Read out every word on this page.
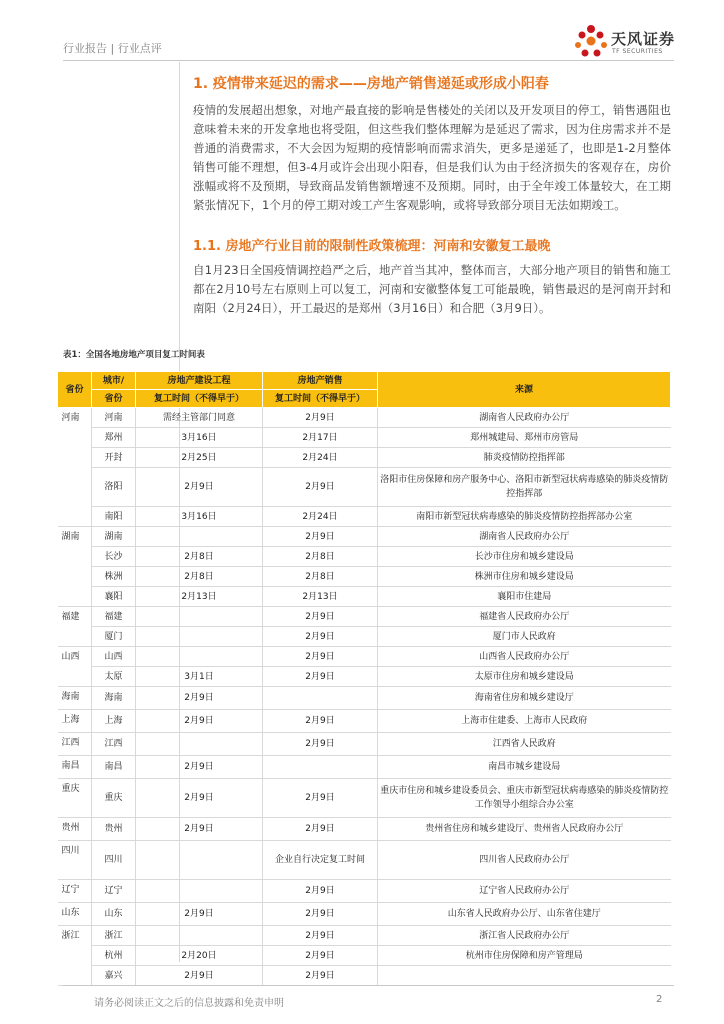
行业报告 | 行业点评
天风证券
TF SECURITIES
1. 疫情带来延迟的需求——房地产销售递延或形成小阳春
疫情的发展超出想象，对地产最直接的影响是售楼处的关闭以及开发项目的停工，销售遇阻也意味着未来的开发拿地也将受阻，但这些我们整体理解为是延迟了需求，因为住房需求并不是普通的消费需求，不大会因为短期的疫情影响而需求消失，更多是递延了，也即是1-2月整体销售可能不理想，但3-4月或许会出现小阳春，但是我们认为由于经济损失的客观存在，房价涨幅或将不及预期，导致商品发销售额增速不及预期。同时，由于全年竣工体量较大，在工期紧张情况下，1个月的停工期对竣工产生客观影响，或将导致部分项目无法如期竣工。
1.1. 房地产行业目前的限制性政策梳理：河南和安徽复工最晚
自1月23日全国疫情调控趋严之后，地产首当其冲，整体而言，大部分地产项目的销售和施工都在2月10号左右原则上可以复工，河南和安徽整体复工可能最晚，销售最迟的是河南开封和南阳（2月24日），开工最迟的是郑州（3月16日）和合肥（3月9日）。
表1：全国各地房地产项目复工时间表
省份	城市/	房地产建设工程	房地产销售	来源
	省份	复工时间（不得早于）	复工时间（不得早于）	
河南	河南	需经主管部门同意	2月9日	湖南省人民政府办公厅
	郑州	3月16日	2月17日	郑州城建局、郑州市房管局
	开封	2月25日	2月24日	肺炎疫情防控指挥部
	洛阳	2月9日	2月9日	洛阳市住房保障和房产服务中心、洛阳市新型冠状病毒感染的肺炎疫情防控指挥部
	南阳	3月16日	2月24日	南阳市新型冠状病毒感染的肺炎疫情防控指挥部办公室
湖南	湖南		2月9日	湖南省人民政府办公厅
	长沙	2月8日	2月8日	长沙市住房和城乡建设局
	株洲	2月8日	2月8日	株洲市住房和城乡建设局
	襄阳	2月13日	2月13日	襄阳市住建局
福建	福建		2月9日	福建省人民政府办公厅
	厦门		2月9日	厦门市人民政府
山西	山西		2月9日	山西省人民政府办公厅
	太原	3月1日	2月9日	太原市住房和城乡建设局
海南	海南	2月9日		海南省住房和城乡建设厅
上海	上海	2月9日	2月9日	上海市住建委、上海市人民政府
江西	江西		2月9日	江西省人民政府
南昌	南昌	2月9日		南昌市城乡建设局
重庆	重庆	2月9日	2月9日	重庆市住房和城乡建设委员会、重庆市新型冠状病毒感染的肺炎疫情防控工作领导小组综合办公室
贵州	贵州	2月9日	2月9日	贵州省住房和城乡建设厅、贵州省人民政府办公厅
四川	四川		企业自行决定复工时间	四川省人民政府办公厅
辽宁	辽宁		2月9日	辽宁省人民政府办公厅
山东	山东	2月9日	2月9日	山东省人民政府办公厅、山东省住建厅
浙江	浙江		2月9日	浙江省人民政府办公厅
	杭州	2月20日	2月9日	杭州市住房保障和房产管理局
	嘉兴	2月9日	2月9日	
请务必阅读正文之后的信息披露和免责申明	2
